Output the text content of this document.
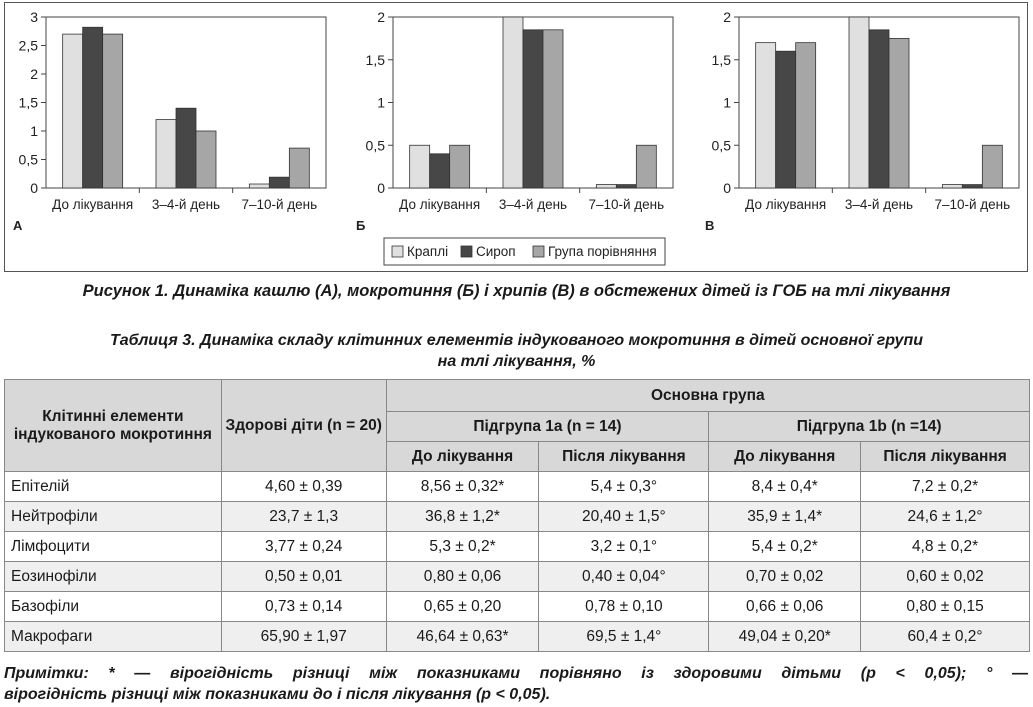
0
0,5
1
1,5
2
2,5
3
До лікування 3–4-й день 7–10-й день
А
0
0,5
1
1,5
2
До лікування 3–4-й день 7–10-й день
Б
0
0,5
1
1,5
2
До лікування 3–4-й день 7–10-й день
В
Краплі Сироп Група порівняння
Рисунок 1. Динаміка кашлю (А), мокротиння (Б) і хрипів (В) в обстежених дітей із ГОБ на тлі лікування
Таблиця 3. Динаміка складу клітинних елементів індукованого мокротиння в дітей основної групи
на тлі лікування, %
Клітинні елементи індукованого мокротиння	Здорові діти (n = 20)	Основна група			
		Підгрупа 1a (n = 14)		Підгрупа 1b (n =14)	
		До лікування	Після лікування	До лікування	Після лікування
Епітелій	4,60 ± 0,39	8,56 ± 0,32*	5,4 ± 0,3°	8,4 ± 0,4*	7,2 ± 0,2*
Нейтрофіли	23,7 ± 1,3	36,8 ± 1,2*	20,40 ± 1,5°	35,9 ± 1,4*	24,6 ± 1,2°
Лімфоцити	3,77 ± 0,24	5,3 ± 0,2*	3,2 ± 0,1°	5,4 ± 0,2*	4,8 ± 0,2*
Еозинофіли	0,50 ± 0,01	0,80 ± 0,06	0,40 ± 0,04°	0,70 ± 0,02	0,60 ± 0,02
Базофіли	0,73 ± 0,14	0,65 ± 0,20	0,78 ± 0,10	0,66 ± 0,06	0,80 ± 0,15
Макрофаги	65,90 ± 1,97	46,64 ± 0,63*	69,5 ± 1,4°	49,04 ± 0,20*	60,4 ± 0,2°
Примітки: * — вірогідність різниці між показниками порівняно із здоровими дітьми (р < 0,05); ° —
вірогідність різниці між показниками до і після лікування (р < 0,05).
